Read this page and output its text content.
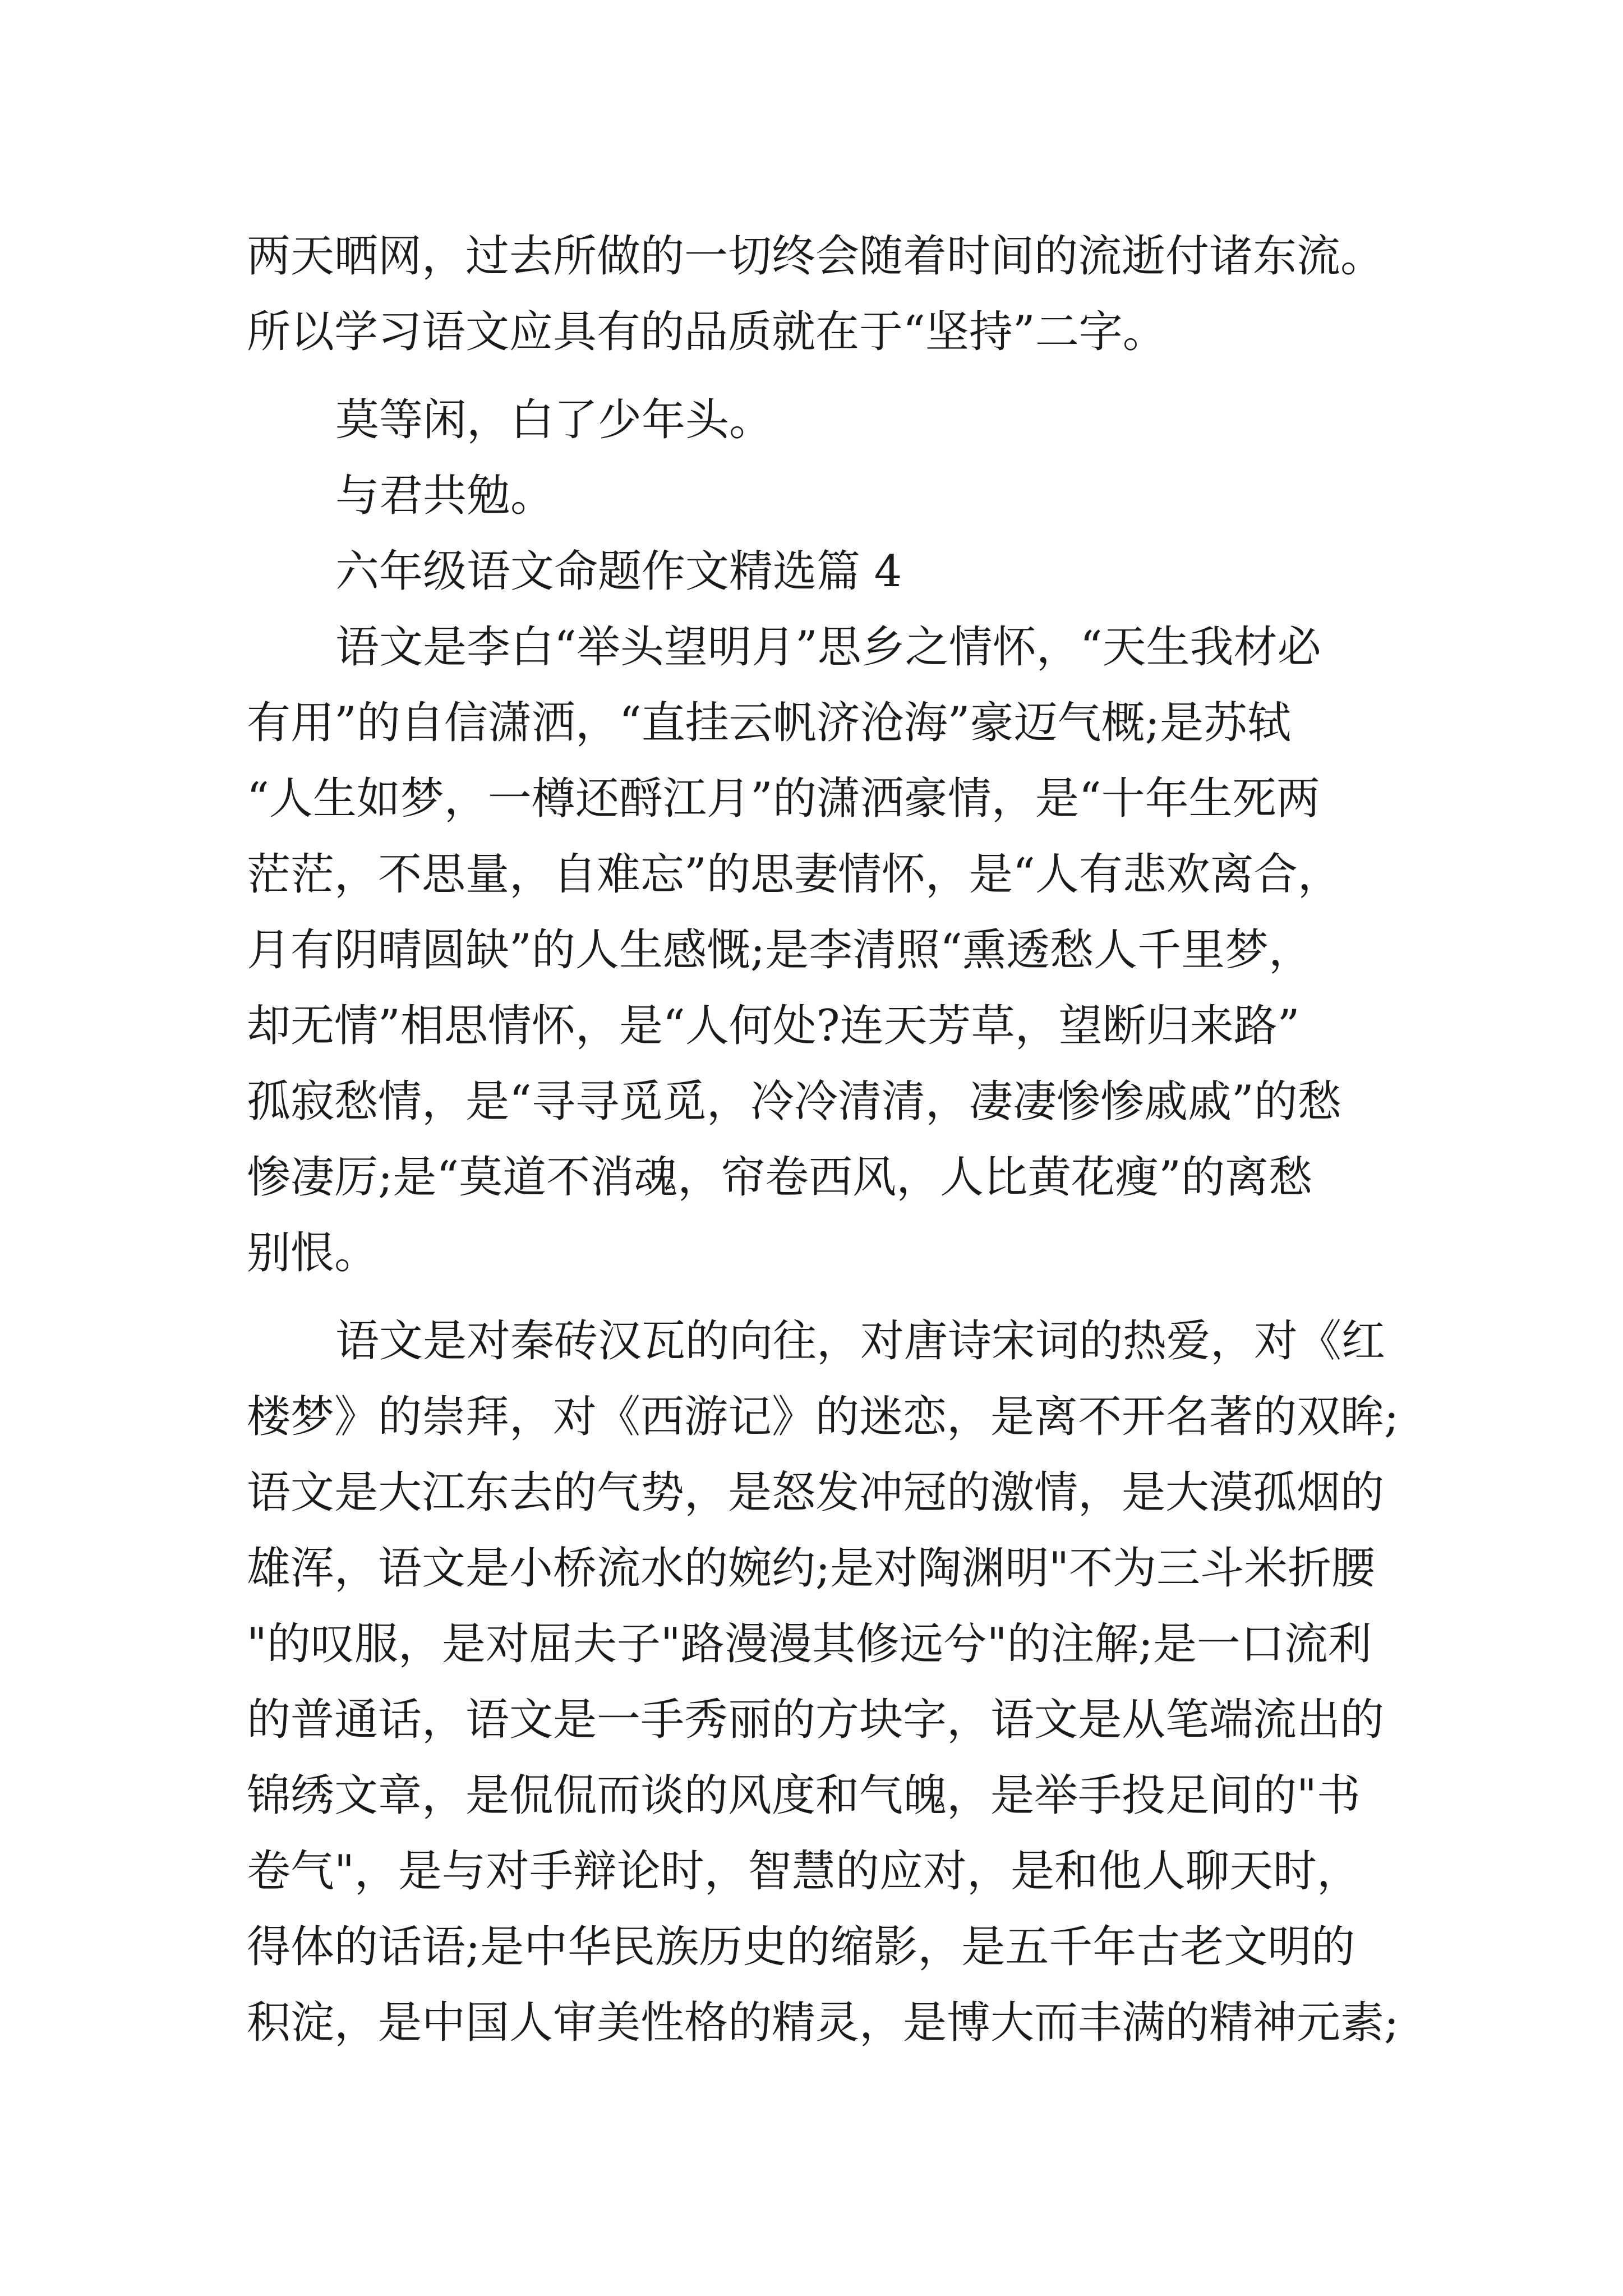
两天晒网，过去所做的一切终会随着时间的流逝付诸东流。
所以学习语文应具有的品质就在于“坚持”二字。
莫等闲，白了少年头。
与君共勉。
六年级语文命题作文精选篇 4
语文是李白“举头望明月”思乡之情怀，“天生我材必
有用”的自信潇洒，“直挂云帆济沧海”豪迈气概;是苏轼
“人生如梦，一樽还酹江月”的潇洒豪情，是“十年生死两
茫茫，不思量，自难忘”的思妻情怀，是“人有悲欢离合，
月有阴晴圆缺”的人生感慨;是李清照“熏透愁人千里梦，
却无情”相思情怀，是“人何处?连天芳草，望断归来路”
孤寂愁情，是“寻寻觅觅，冷冷清清，凄凄惨惨戚戚”的愁
惨凄厉;是“莫道不消魂，帘卷西风，人比黄花瘦”的离愁
别恨。
语文是对秦砖汉瓦的向往，对唐诗宋词的热爱，对《红
楼梦》的崇拜，对《西游记》的迷恋，是离不开名著的双眸;
语文是大江东去的气势，是怒发冲冠的激情，是大漠孤烟的
雄浑，语文是小桥流水的婉约;是对陶渊明"不为三斗米折腰
"的叹服，是对屈夫子"路漫漫其修远兮"的注解;是一口流利
的普通话，语文是一手秀丽的方块字，语文是从笔端流出的
锦绣文章，是侃侃而谈的风度和气魄，是举手投足间的"书
卷气"，是与对手辩论时，智慧的应对，是和他人聊天时，
得体的话语;是中华民族历史的缩影，是五千年古老文明的
积淀，是中国人审美性格的精灵，是博大而丰满的精神元素;
